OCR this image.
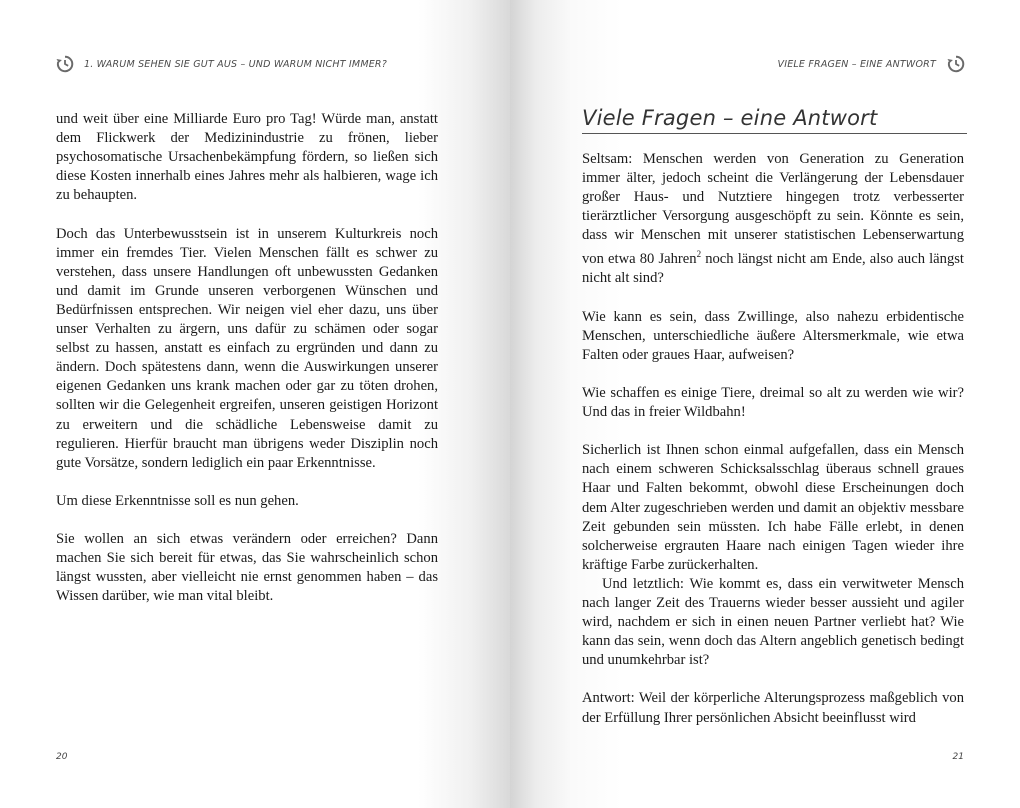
1. WARUM SEHEN SIE GUT AUS – UND WARUM NICHT IMMER?

und weit über eine Milliarde Euro pro Tag! Würde man, anstatt dem Flickwerk der Medizinindustrie zu frönen, lieber psychosomatische Ursachenbekämpfung fördern, so ließen sich diese Kosten innerhalb eines Jahres mehr als halbieren, wage ich zu behaupten.

Doch das Unterbewusstsein ist in unserem Kulturkreis noch immer ein fremdes Tier. Vielen Menschen fällt es schwer zu verstehen, dass unsere Handlungen oft unbewussten Gedanken und damit im Grunde unseren verborgenen Wünschen und Bedürfnissen entsprechen. Wir neigen viel eher dazu, uns über unser Verhalten zu ärgern, uns dafür zu schämen oder sogar selbst zu hassen, anstatt es einfach zu ergründen und dann zu ändern. Doch spätestens dann, wenn die Auswirkungen unserer eigenen Gedanken uns krank machen oder gar zu töten drohen, sollten wir die Gelegenheit ergreifen, unseren geistigen Horizont zu erweitern und die schädliche Lebensweise damit zu regulieren. Hierfür braucht man übrigens weder Disziplin noch gute Vorsätze, sondern lediglich ein paar Erkenntnisse.

Um diese Erkenntnisse soll es nun gehen.

Sie wollen an sich etwas verändern oder erreichen? Dann machen Sie sich bereit für etwas, das Sie wahrscheinlich schon längst wussten, aber vielleicht nie ernst genommen haben – das Wissen darüber, wie man vital bleibt.

20
VIELE FRAGEN – EINE ANTWORT
Viele Fragen – eine Antwort

Seltsam: Menschen werden von Generation zu Generation immer älter, jedoch scheint die Verlängerung der Lebensdauer großer Haus- und Nutztiere hingegen trotz verbesserter tierärztlicher Versorgung ausgeschöpft zu sein. Könnte es sein, dass wir Menschen mit unserer statistischen Lebenserwartung von etwa 80 Jahren$^2$ noch längst nicht am Ende, also auch längst nicht alt sind?

Wie kann es sein, dass Zwillinge, also nahezu erbidentische Menschen, unterschiedliche äußere Altersmerkmale, wie etwa Falten oder graues Haar, aufweisen?

Wie schaffen es einige Tiere, dreimal so alt zu werden wie wir? Und das in freier Wildbahn!

Sicherlich ist Ihnen schon einmal aufgefallen, dass ein Mensch nach einem schweren Schicksalsschlag überaus schnell graues Haar und Falten bekommt, obwohl diese Erscheinungen doch dem Alter zugeschrieben werden und damit an objektiv messbare Zeit gebunden sein müssten. Ich habe Fälle erlebt, in denen solcherweise ergrauten Haare nach einigen Tagen wieder ihre kräftige Farbe zurückerhalten.

Und letztlich: Wie kommt es, dass ein verwitweter Mensch nach langer Zeit des Trauerns wieder besser aussieht und agiler wird, nachdem er sich in einen neuen Partner verliebt hat? Wie kann das sein, wenn doch das Altern angeblich genetisch bedingt und unumkehrbar ist?

Antwort: Weil der körperliche Alterungsprozess maßgeblich von der Erfüllung Ihrer persönlichen Absicht beeinflusst wird

21
